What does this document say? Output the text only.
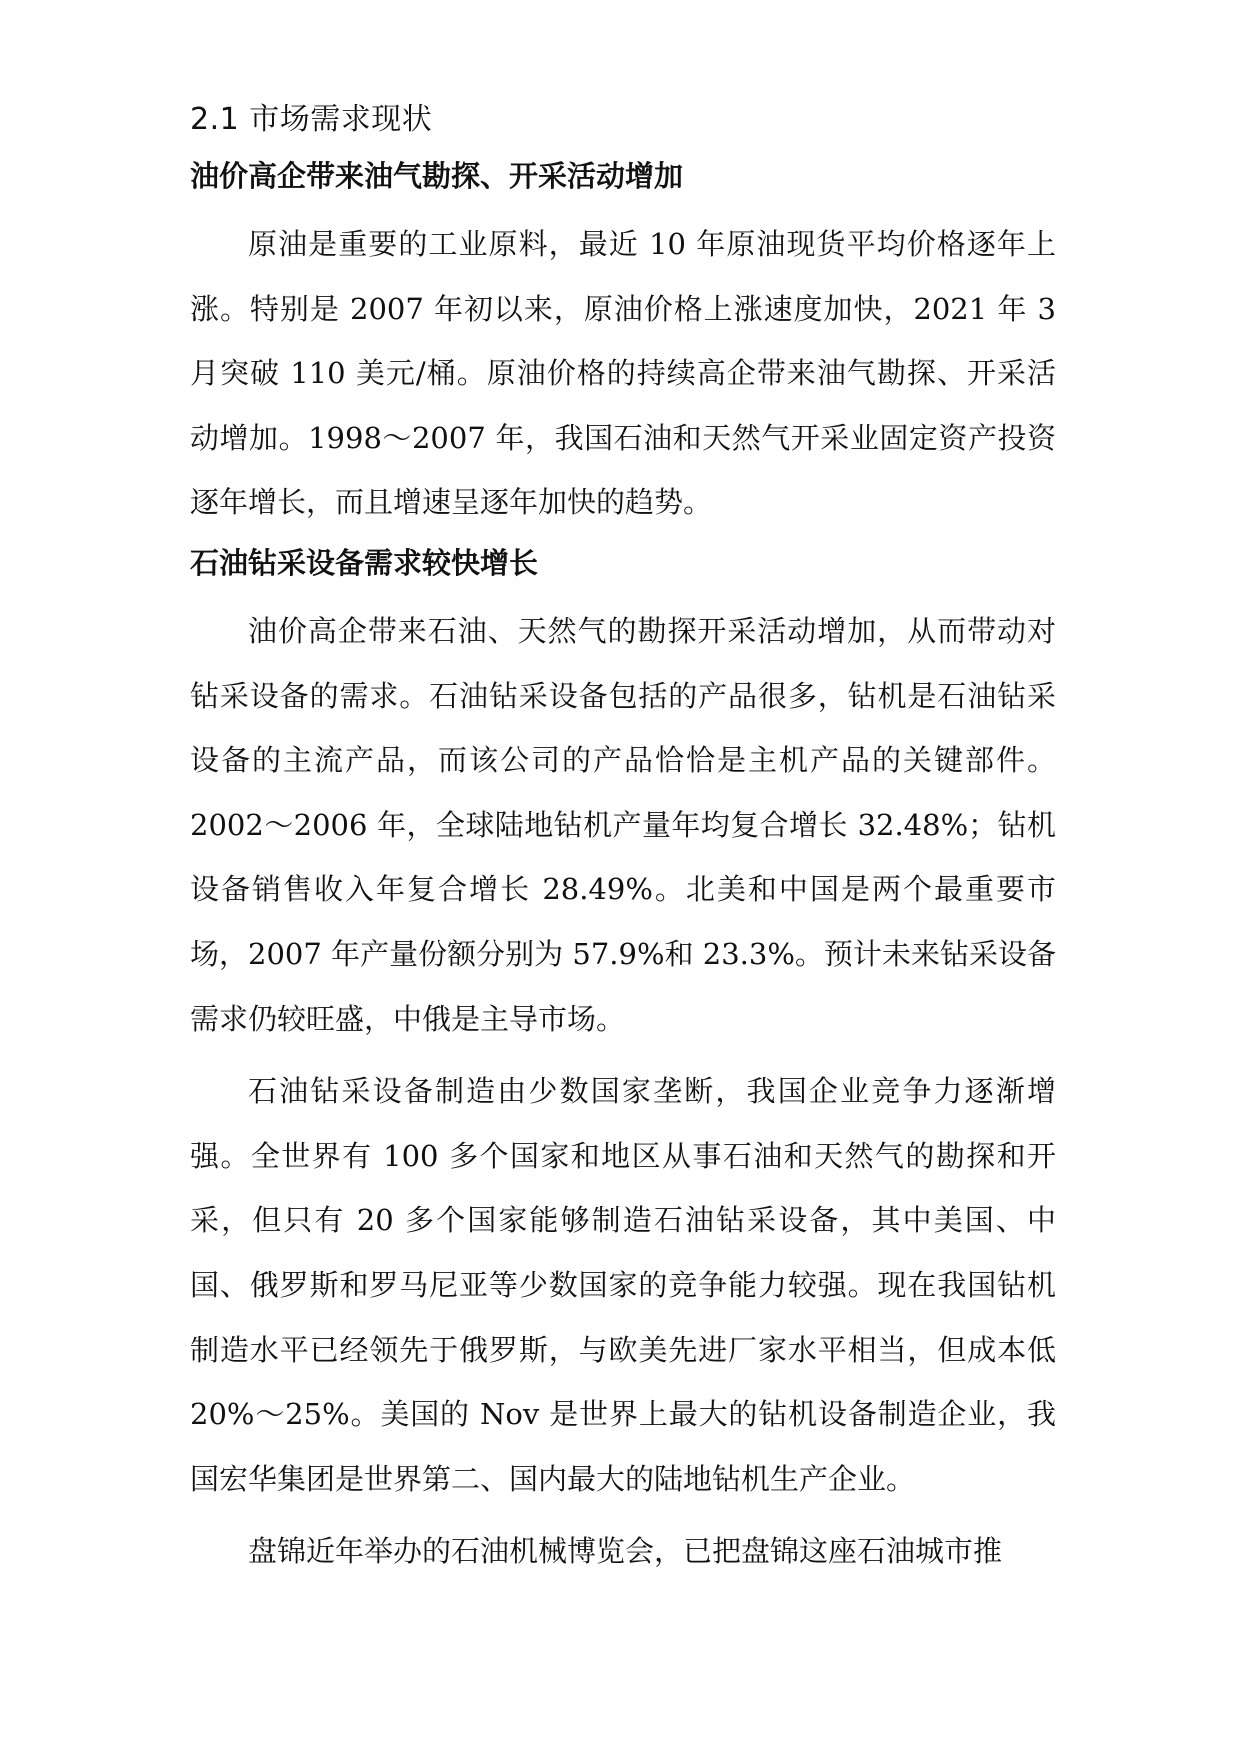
2.1 市场需求现状
油价高企带来油气勘探、开采活动增加

原油是重要的工业原料，最近 10 年原油现货平均价格逐年上涨。特别是 2007 年初以来，原油价格上涨速度加快，2021 年 3 月突破 110 美元/桶。原油价格的持续高企带来油气勘探、开采活动增加。1998～2007 年，我国石油和天然气开采业固定资产投资逐年增长，而且增速呈逐年加快的趋势。

石油钻采设备需求较快增长

油价高企带来石油、天然气的勘探开采活动增加，从而带动对钻采设备的需求。石油钻采设备包括的产品很多，钻机是石油钻采设备的主流产品，而该公司的产品恰恰是主机产品的关键部件。2002～2006 年，全球陆地钻机产量年均复合增长 32.48%；钻机设备销售收入年复合增长 28.49%。北美和中国是两个最重要市场，2007 年产量份额分别为 57.9%和 23.3%。预计未来钻采设备需求仍较旺盛，中俄是主导市场。

石油钻采设备制造由少数国家垄断，我国企业竞争力逐渐增强。全世界有 100 多个国家和地区从事石油和天然气的勘探和开采，但只有 20 多个国家能够制造石油钻采设备，其中美国、中国、俄罗斯和罗马尼亚等少数国家的竞争能力较强。现在我国钻机制造水平已经领先于俄罗斯，与欧美先进厂家水平相当，但成本低 20%～25%。美国的 Nov 是世界上最大的钻机设备制造企业，我国宏华集团是世界第二、国内最大的陆地钻机生产企业。

盘锦近年举办的石油机械博览会，已把盘锦这座石油城市推
